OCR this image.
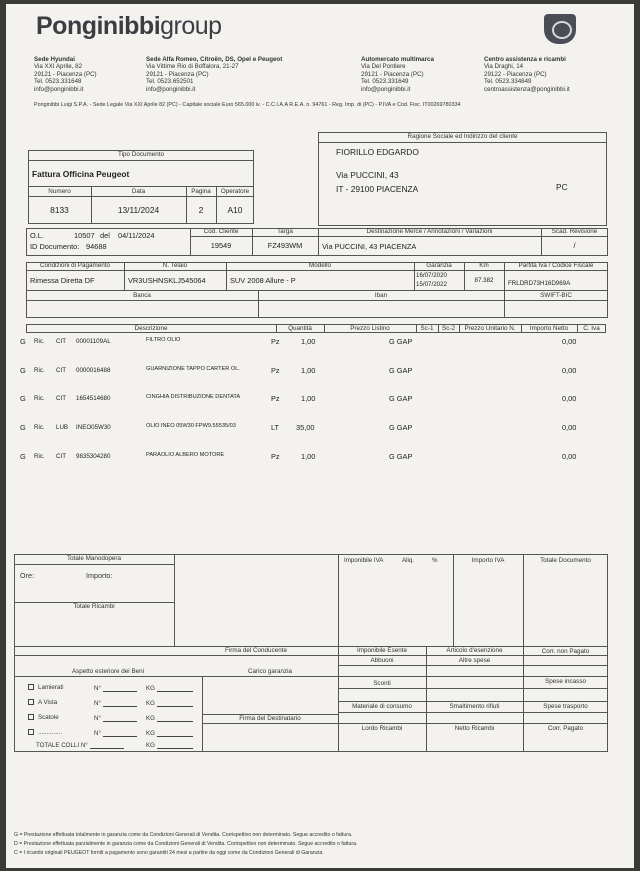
Ponginibbigroup
Sede Hyundai
Via XXI Aprile, 82
29121 - Piacenza (PC)
Tel. 0523.331648
info@ponginibbi.it
Sede Alfa Romeo, Citroën, DS, Opel e Peugeot
Via Vittime Rio di Boffalora, 21-27
29121 - Piacenza (PC)
Tel. 0523.652501
info@ponginibbi.it
Automercato multimarca
Via Del Pontiere
29121 - Piacenza (PC)
Tel. 0523.331649
info@ponginibbi.it
Centro assistenza e ricambi
Via Draghi, 14
29122 - Piacenza (PC)
Tel. 0523.334849
centroassistenza@ponginibbi.it
Ponginibbi Luigi S.P.A. - Sede Legale Via XXI Aprile 82 (PC) - Capitale sociale Euro 565.000 iv. - C.C.I.A.A R.E.A. n. 94761 - Reg. Imp. di (PC) - P.IVA e Cod. Fisc. IT00269780334
Ragione Sociale ed Indirizzo del cliente
FIORILLO EDGARDO
Via PUCCINI, 43
IT - 29100 PIACENZA	PC
Tipo Documento
Fattura Officina Peugeot
Numero	Data	Pagina	Operatore
8133	13/11/2024	2	A10
O.L.	10507 del 04/11/2024
ID Documento: 94688
Cod. Cliente
19549
Targa
FZ493WM
Destinazione Merce / Annotazioni / Variazioni
Via PUCCINI, 43 PIACENZA
Scad. Revisione
/
Condizioni di Pagamento
Rimessa Diretta DF
N. Telaio
VR3USHNSKLJ545064
Modello
SUV 2008 Allure - P
Garanzia
16/07/2020
15/07/2022
Km
87.382
Partita Iva / Codice Fiscale
FRLDRD73H16D969A
Banca	Iban	SWIFT-BIC
Descrizione	Quantità	Prezzo Listino	Sc-1	Sc-2	Prezzo Unitario N.	Importo Netto	C. Iva
G Ric. CIT 00001109AL	FILTRO OLIO	Pz	1,00	G GAP	0,00
G Ric. CIT 0000016488	GUARNIZIONE TAPPO CARTER OL.	Pz	1,00	G GAP	0,00
G Ric. CIT 1654514680	CINGHIA DISTRIBUZIONE DENTATA	Pz	1,00	G GAP	0,00
G Ric. LUB INEO05W30	OLIO INEO 05W30 FPW9.55535/03	LT 35,00	G GAP	0,00
G Ric. CIT 9835304280	PARAOLIO ALBERO MOTORE	Pz	1,00	G GAP	0,00
Totale Manodopera
Ore:	Importo:
Totale Ricambi
Imponibile IVA	Aliq.	%	Importo IVA	Totale Documento
Firma del Conducente	Imponibile Esente	Articolo d'esenzione	Corr. non Pagato
Abbuoni	Altre spese
Spese incasso
Sconti
Spese trasporto
Materiale di consumo	Smaltimento rifiuti
Lordo Ricambi	Netto Ricambi	Corr. Pagato
Aspetto esteriore dei Beni	Carico garanzia
Firma del Destinatario
Lamierati	N°	KG
A Vista	N°	KG
Scatole	N°	KG
..............	N°	KG
TOTALE COLLI N°	KG
G = Prestazione effettuata totalmente in garanzia come da Condizioni Generali di Vendita. Corrispettivo non determinato. Segue accredito o fattura.
D = Prestazione effettuata parzialmente in garanzia come da Condizioni Generali di Vendita. Corrispettivo non determinato. Segue accredito o fattura.
C = I ricambi originali PEUGEOT forniti a pagamento sono garantiti 24 mesi a partire da oggi come da Condizioni Generali di Garanzia.
